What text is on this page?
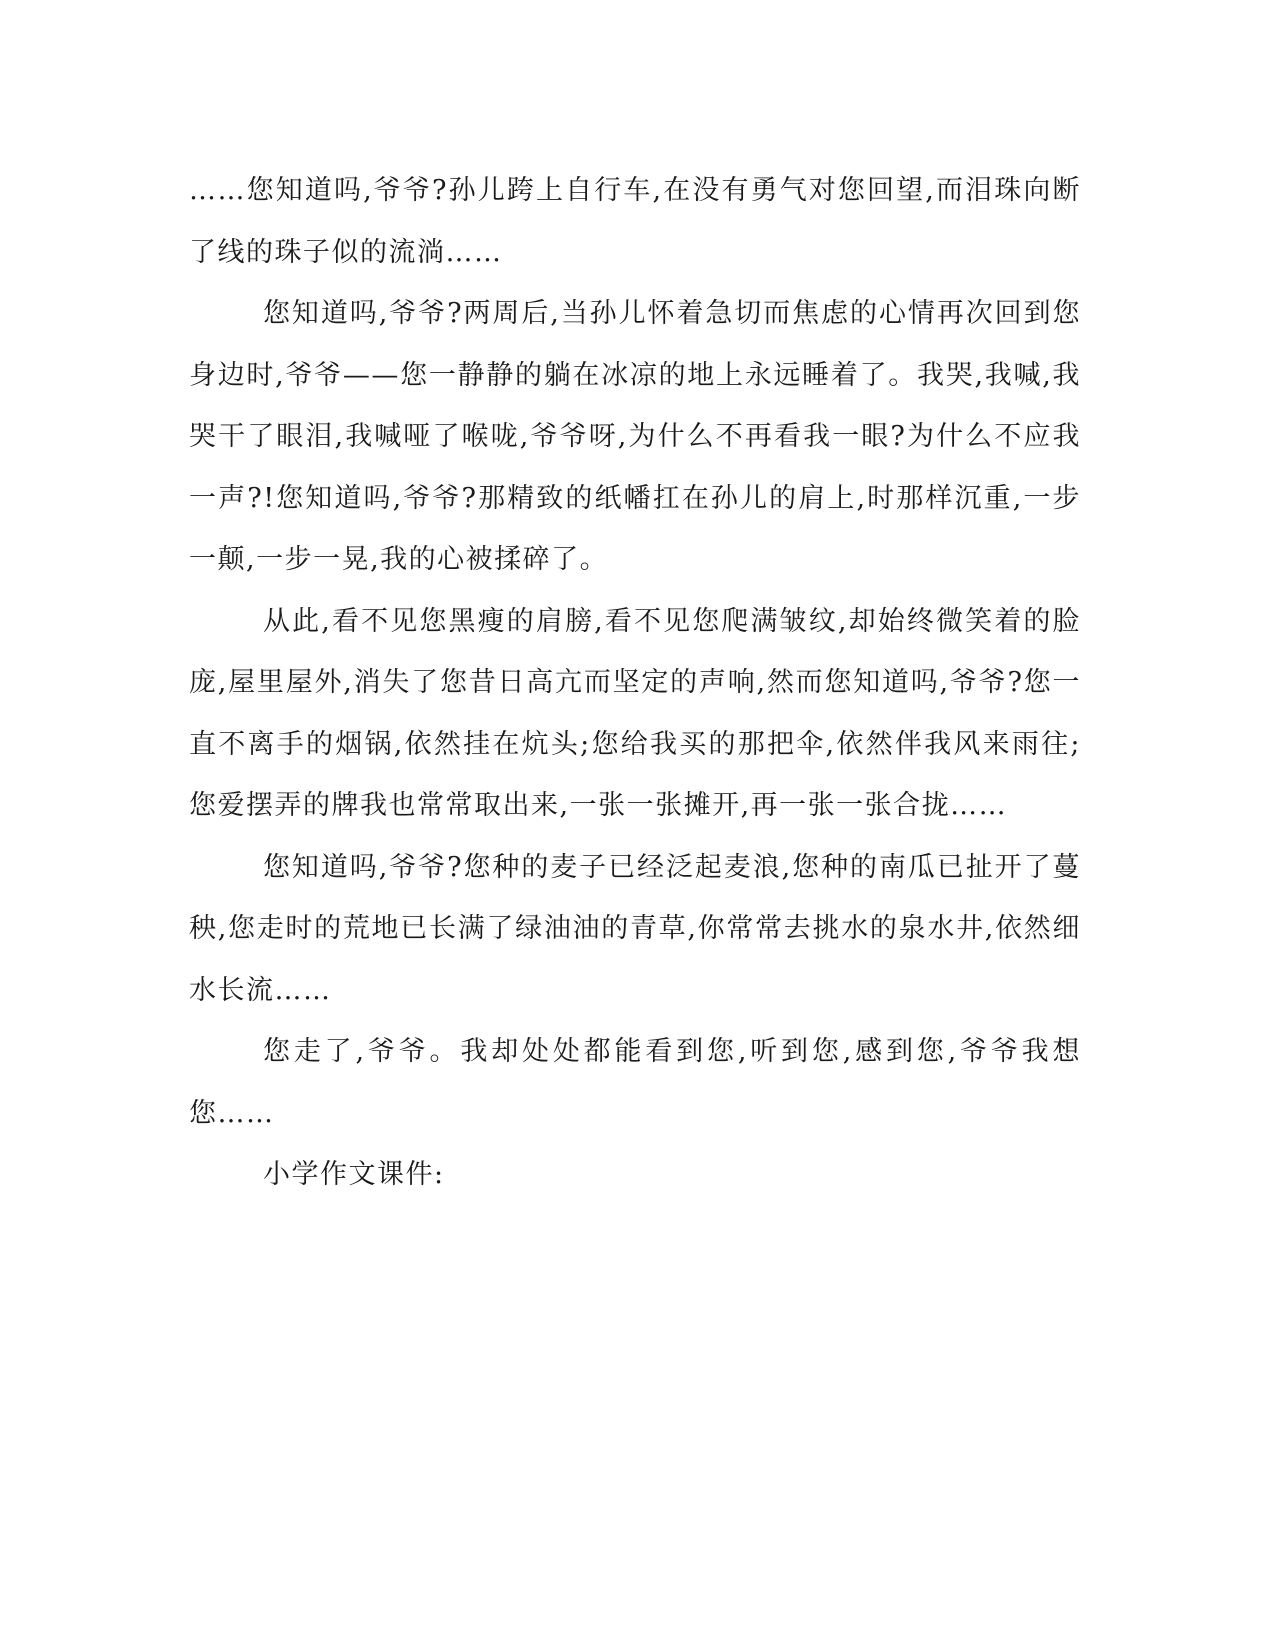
……您知道吗,爷爷?孙儿跨上自行车,在没有勇气对您回望,而泪珠向断了线的珠子似的流淌……

您知道吗,爷爷?两周后,当孙儿怀着急切而焦虑的心情再次回到您身边时,爷爷——您一静静的躺在冰凉的地上永远睡着了。我哭,我喊,我哭干了眼泪,我喊哑了喉咙,爷爷呀,为什么不再看我一眼?为什么不应我一声?!您知道吗,爷爷?那精致的纸幡扛在孙儿的肩上,时那样沉重,一步一颠,一步一晃,我的心被揉碎了。

从此,看不见您黑瘦的肩膀,看不见您爬满皱纹,却始终微笑着的脸庞,屋里屋外,消失了您昔日高亢而坚定的声响,然而您知道吗,爷爷?您一直不离手的烟锅,依然挂在炕头;您给我买的那把伞,依然伴我风来雨往;您爱摆弄的牌我也常常取出来,一张一张摊开,再一张一张合拢……

您知道吗,爷爷?您种的麦子已经泛起麦浪,您种的南瓜已扯开了蔓秧,您走时的荒地已长满了绿油油的青草,你常常去挑水的泉水井,依然细水长流……

您走了,爷爷。我却处处都能看到您,听到您,感到您,爷爷我想您……

小学作文课件:
